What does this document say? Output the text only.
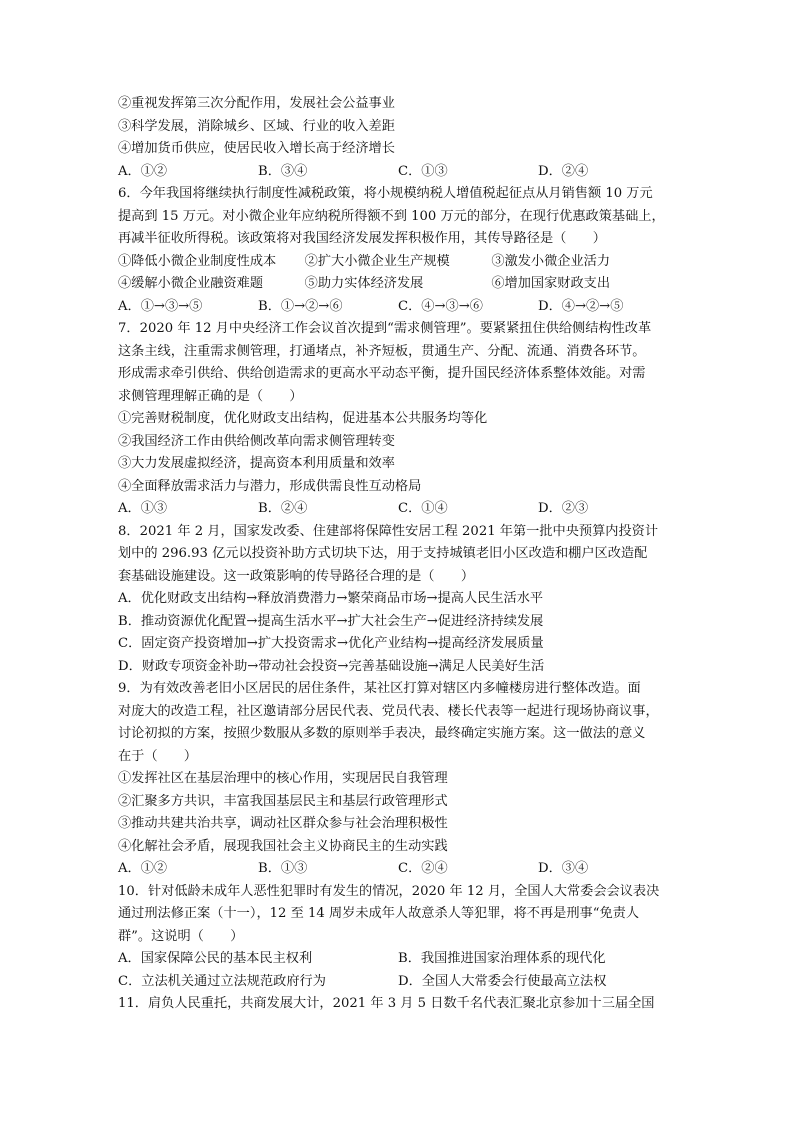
②重视发挥第三次分配作用，发展社会公益事业
③科学发展，消除城乡、区域、行业的收入差距
④增加货币供应，使居民收入增长高于经济增长
A．①②	B．③④	C．①③	D．②④
6．今年我国将继续执行制度性减税政策，将小规模纳税人增值税起征点从月销售额 10 万元
提高到 15 万元。对小微企业年应纳税所得额不到 100 万元的部分，在现行优惠政策基础上，
再减半征收所得税。该政策将对我国经济发展发挥积极作用，其传导路径是（　　）
①降低小微企业制度性成本	②扩大小微企业生产规模	③激发小微企业活力
④缓解小微企业融资难题	⑤助力实体经济发展	⑥增加国家财政支出
A．①→③→⑤	B．①→②→⑥	C．④→③→⑥	D．④→②→⑤
7．2020 年 12 月中央经济工作会议首次提到“需求侧管理”。要紧紧扭住供给侧结构性改革
这条主线，注重需求侧管理，打通堵点，补齐短板，贯通生产、分配、流通、消费各环节。
形成需求牵引供给、供给创造需求的更高水平动态平衡，提升国民经济体系整体效能。对需
求侧管理理解正确的是（　　）
①完善财税制度，优化财政支出结构，促进基本公共服务均等化
②我国经济工作由供给侧改革向需求侧管理转变
③大力发展虚拟经济，提高资本利用质量和效率
④全面释放需求活力与潜力，形成供需良性互动格局
A．①③	B．②④	C．①④	D．②③
8．2021 年 2 月，国家发改委、住建部将保障性安居工程 2021 年第一批中央预算内投资计
划中的 296.93 亿元以投资补助方式切块下达，用于支持城镇老旧小区改造和棚户区改造配
套基础设施建设。这一政策影响的传导路径合理的是（　　）
A．优化财政支出结构→释放消费潜力→繁荣商品市场→提高人民生活水平
B．推动资源优化配置→提高生活水平→扩大社会生产→促进经济持续发展
C．固定资产投资增加→扩大投资需求→优化产业结构→提高经济发展质量
D．财政专项资金补助→带动社会投资→完善基础设施→满足人民美好生活
9．为有效改善老旧小区居民的居住条件，某社区打算对辖区内多幢楼房进行整体改造。面
对庞大的改造工程，社区邀请部分居民代表、党员代表、楼长代表等一起进行现场协商议事，
讨论初拟的方案，按照少数服从多数的原则举手表决，最终确定实施方案。这一做法的意义
在于（　　）
①发挥社区在基层治理中的核心作用，实现居民自我管理
②汇聚多方共识，丰富我国基层民主和基层行政管理形式
③推动共建共治共享，调动社区群众参与社会治理积极性
④化解社会矛盾，展现我国社会主义协商民主的生动实践
A．①②	B．①③	C．②④	D．③④
10．针对低龄未成年人恶性犯罪时有发生的情况，2020 年 12 月，全国人大常委会会议表决
通过刑法修正案（十一），12 至 14 周岁未成年人故意杀人等犯罪，将不再是刑事“免责人
群”。这说明（　　）
A．国家保障公民的基本民主权利	B．我国推进国家治理体系的现代化
C．立法机关通过立法规范政府行为	D．全国人大常委会行使最高立法权
11．肩负人民重托，共商发展大计，2021 年 3 月 5 日数千名代表汇聚北京参加十三届全国
